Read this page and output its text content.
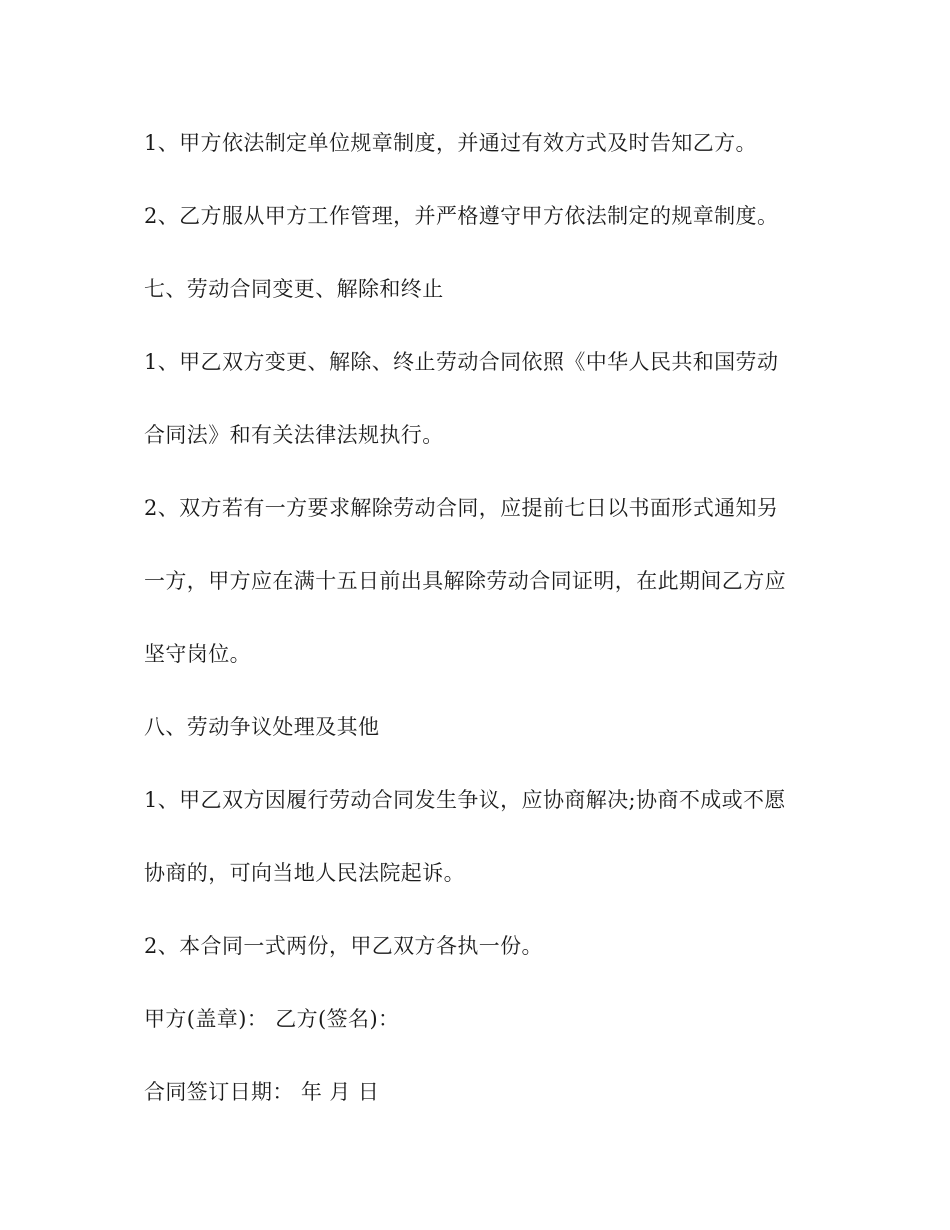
1、甲方依法制定单位规章制度，并通过有效方式及时告知乙方。
2、乙方服从甲方工作管理，并严格遵守甲方依法制定的规章制度。
七、劳动合同变更、解除和终止
1、甲乙双方变更、解除、终止劳动合同依照《中华人民共和国劳动
合同法》和有关法律法规执行。
2、双方若有一方要求解除劳动合同，应提前七日以书面形式通知另
一方，甲方应在满十五日前出具解除劳动合同证明，在此期间乙方应
坚守岗位。
八、劳动争议处理及其他
1、甲乙双方因履行劳动合同发生争议，应协商解决;协商不成或不愿
协商的，可向当地人民法院起诉。
2、本合同一式两份，甲乙双方各执一份。
甲方(盖章)： 乙方(签名)：
合同签订日期： 年 月 日
